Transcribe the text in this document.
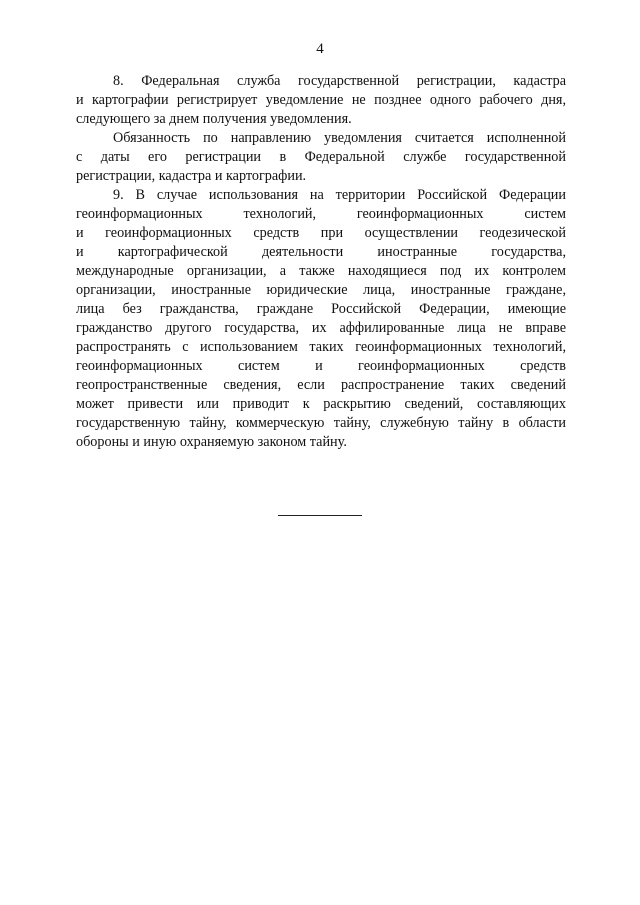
4

8. Федеральная служба государственной регистрации, кадастра
и картографии регистрирует уведомление не позднее одного рабочего дня,
следующего за днем получения уведомления.

Обязанность по направлению уведомления считается исполненной
с даты его регистрации в Федеральной службе государственной
регистрации, кадастра и картографии.

9. В случае использования на территории Российской Федерации
геоинформационных технологий, геоинформационных систем
и геоинформационных средств при осуществлении геодезической
и картографической деятельности иностранные государства,
международные организации, а также находящиеся под их контролем
организации, иностранные юридические лица, иностранные граждане,
лица без гражданства, граждане Российской Федерации, имеющие
гражданство другого государства, их аффилированные лица не вправе
распространять с использованием таких геоинформационных технологий,
геоинформационных систем и геоинформационных средств
геопространственные сведения, если распространение таких сведений
может привести или приводит к раскрытию сведений, составляющих
государственную тайну, коммерческую тайну, служебную тайну в области
обороны и иную охраняемую законом тайну.
